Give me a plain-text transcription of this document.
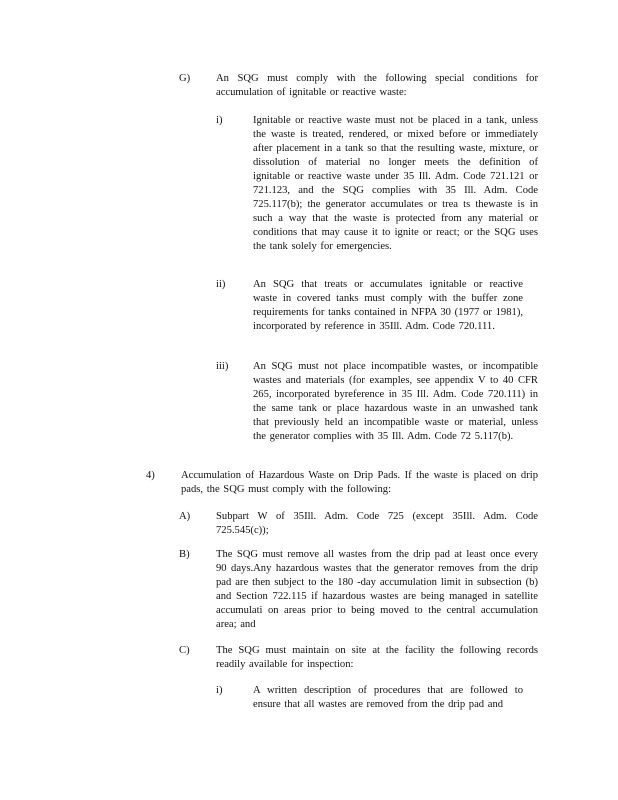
G) An SQG must comply with the following special conditions for accumulation of ignitable or reactive waste:
i)	Ignitable or reactive waste must not be placed in a tank, unless the waste is treated, rendered, or mixed before or immediately after placement in a tank so that the resulting waste, mixture, or dissolution of material no longer meets the definition of ignitable or reactive waste under 35 Ill. Adm. Code 721.121 or 721.123, and the SQG complies with 35 Ill. Adm. Code 725.117(b); the generator accumulates or trea ts thewaste is in such a way that the waste is protected from any material or conditions that may cause it to ignite or react; or the SQG uses the tank solely for emergencies.
ii)	An SQG that treats or accumulates ignitable or reactive waste in covered tanks must comply with the buffer zone requirements for tanks contained in NFPA 30 (1977 or 1981), incorporated by reference in 35Ill. Adm. Code 720.111.
iii) An SQG must not place incompatible wastes, or incompatible wastes and materials (for examples, see appendix V to 40 CFR 265, incorporated byreference in 35 Ill. Adm. Code 720.111) in the same tank or place hazardous waste in an unwashed tank that previously held an incompatible waste or material, unless the generator complies with 35 Ill. Adm. Code 72 5.117(b).
4) Accumulation of Hazardous Waste on Drip Pads. If the waste is placed on drip pads, the SQG must comply with the following:
A) Subpart W of 35Ill. Adm. Code 725 (except 35Ill. Adm. Code 725.545(c));
B) The SQG must remove all wastes from the drip pad at least once every 90 days.Any hazardous wastes that the generator removes from the drip pad are then subject to the 180 -day accumulation limit in subsection (b) and Section 722.115 if hazardous wastes are being managed in satellite accumulati on areas prior to being moved to the central accumulation area; and
C) The SQG must maintain on site at the facility the following records readily available for inspection:
i)	A written description of procedures that are followed to ensure that all wastes are removed from the drip pad and
